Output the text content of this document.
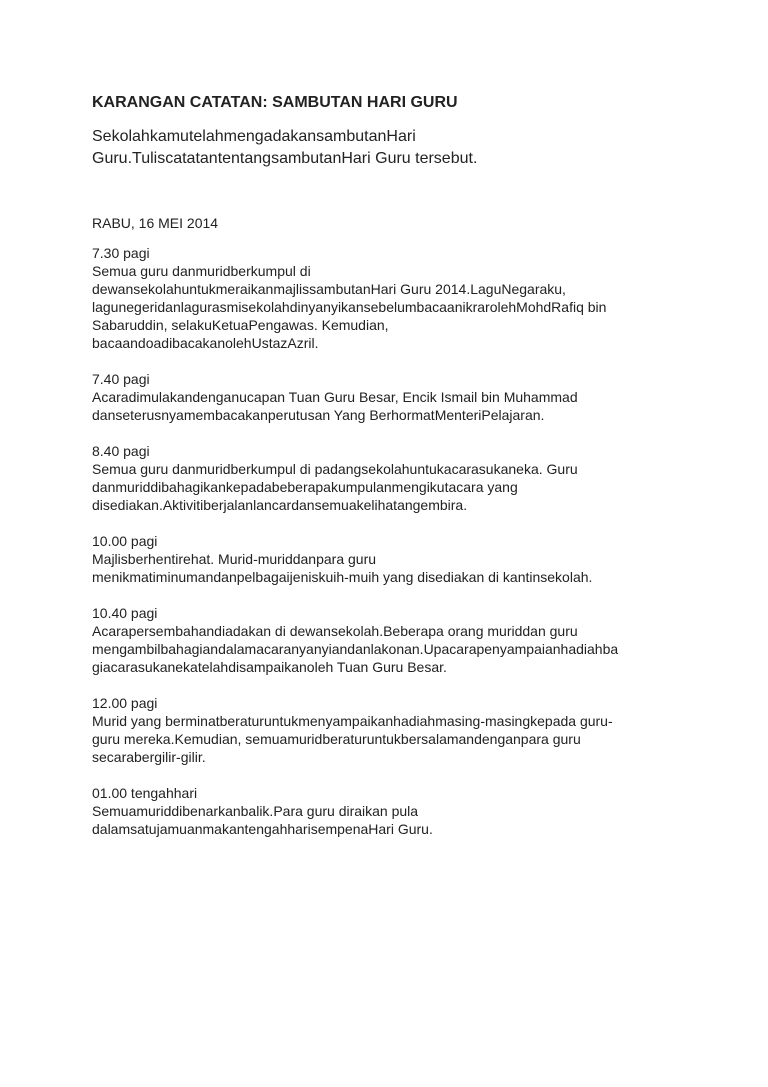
KARANGAN CATATAN: SAMBUTAN HARI GURU
SekolahkamutelahmengadakansambutanHari
Guru.TuliscatatantentangsambutanHari Guru tersebut.
RABU, 16 MEI 2014
7.30 pagi
Semua guru danmuridberkumpul di
dewansekolahuntukmeraikanmajlissambutanHari Guru 2014.LaguNegaraku,
lagunegeridanlagurasmisekolahdinyanyikansebelumbacaanikrarolehMohdRafiq bin
Sabaruddin, selakuKetuaPengawas. Kemudian,
bacaandoadibacakanolehUstazAzril.
7.40 pagi
Acaradimulakandenganucapan Tuan Guru Besar, Encik Ismail bin Muhammad
danseterusnyamembacakanperutusan Yang BerhormatMenteriPelajaran.
8.40 pagi
Semua guru danmuridberkumpul di padangsekolahuntukacarasukaneka. Guru
danmuriddibahagikankepadabeberapakumpulanmengikutacara yang
disediakan.Aktivitiberjalanlancardansemuakelihatangembira.
10.00 pagi
Majlisberhentirehat. Murid-muriddanpara guru
menikmatiminumandanpelbagaijeniskuih-muih yang disediakan di kantinsekolah.
10.40 pagi
Acarapersembahandiadakan di dewansekolah.Beberapa orang muriddan guru
mengambilbahagiandalamacaranyanyiandanlakonan.Upacarapenyampaianhadiahba
giacarasukanekatelahdisampaikanoleh Tuan Guru Besar.
12.00 pagi
Murid yang berminatberaturuntukmenyampaikanhadiahmasing-masingkepada guru-
guru mereka.Kemudian, semuamuridberaturuntukbersalamandenganpara guru
secarabergilir-gilir.
01.00 tengahhari
Semuamuriddibenarkanbalik.Para guru diraikan pula
dalamsatujamuanmakantengahharisempenaHari Guru.
